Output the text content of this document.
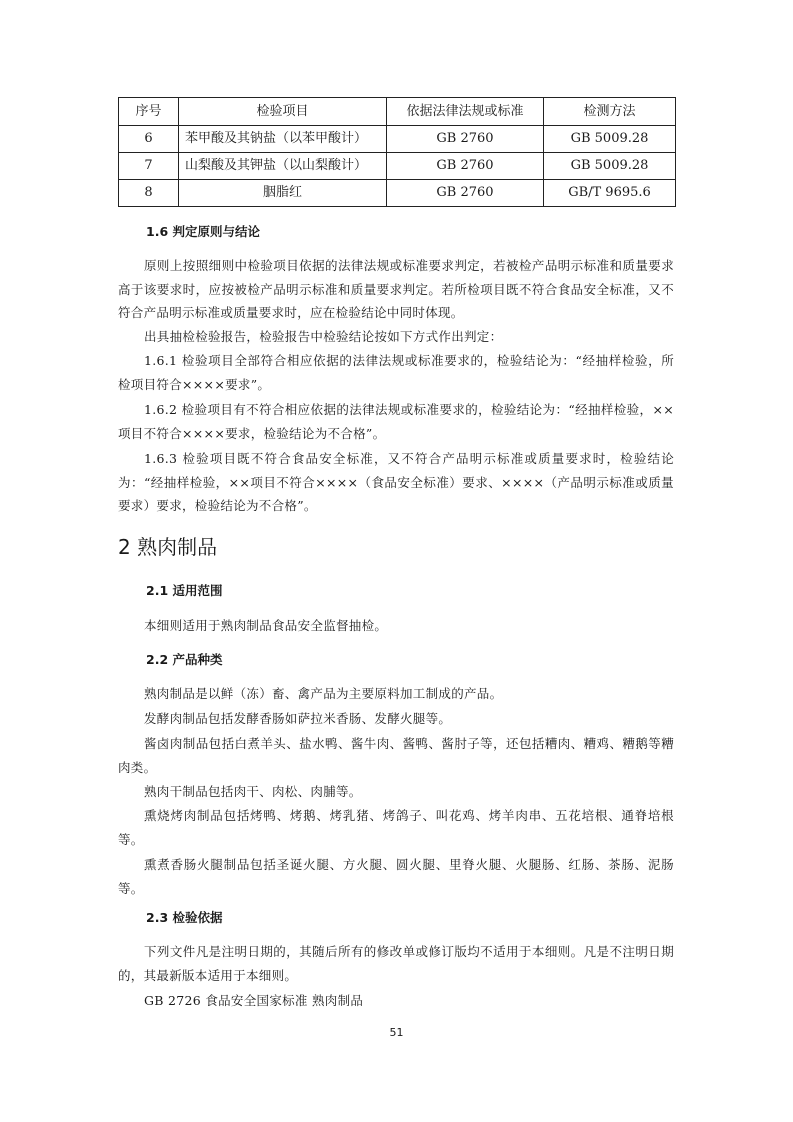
序号	检验项目	依据法律法规或标准	检测方法
6	苯甲酸及其钠盐（以苯甲酸计）	GB 2760	GB 5009.28
7	山梨酸及其钾盐（以山梨酸计）	GB 2760	GB 5009.28
8	胭脂红	GB 2760	GB/T 9695.6
1.6 判定原则与结论
原则上按照细则中检验项目依据的法律法规或标准要求判定，若被检产品明示标准和质量要求高于该要求时，应按被检产品明示标准和质量要求判定。若所检项目既不符合食品安全标准，又不符合产品明示标准或质量要求时，应在检验结论中同时体现。
出具抽检检验报告，检验报告中检验结论按如下方式作出判定：
1.6.1 检验项目全部符合相应依据的法律法规或标准要求的，检验结论为：“经抽样检验，所检项目符合××××要求”。
1.6.2 检验项目有不符合相应依据的法律法规或标准要求的，检验结论为：“经抽样检验，××项目不符合××××要求，检验结论为不合格”。
1.6.3 检验项目既不符合食品安全标准，又不符合产品明示标准或质量要求时，检验结论为：“经抽样检验，××项目不符合××××（食品安全标准）要求、××××（产品明示标准或质量要求）要求，检验结论为不合格”。
2 熟肉制品
2.1 适用范围
本细则适用于熟肉制品食品安全监督抽检。
2.2 产品种类
熟肉制品是以鲜（冻）畜、禽产品为主要原料加工制成的产品。
发酵肉制品包括发酵香肠如萨拉米香肠、发酵火腿等。
酱卤肉制品包括白煮羊头、盐水鸭、酱牛肉、酱鸭、酱肘子等，还包括糟肉、糟鸡、糟鹅等糟肉类。
熟肉干制品包括肉干、肉松、肉脯等。
熏烧烤肉制品包括烤鸭、烤鹅、烤乳猪、烤鸽子、叫花鸡、烤羊肉串、五花培根、通脊培根等。
熏煮香肠火腿制品包括圣诞火腿、方火腿、圆火腿、里脊火腿、火腿肠、红肠、茶肠、泥肠等。
2.3 检验依据
下列文件凡是注明日期的，其随后所有的修改单或修订版均不适用于本细则。凡是不注明日期的，其最新版本适用于本细则。
GB 2726 食品安全国家标准 熟肉制品
51
